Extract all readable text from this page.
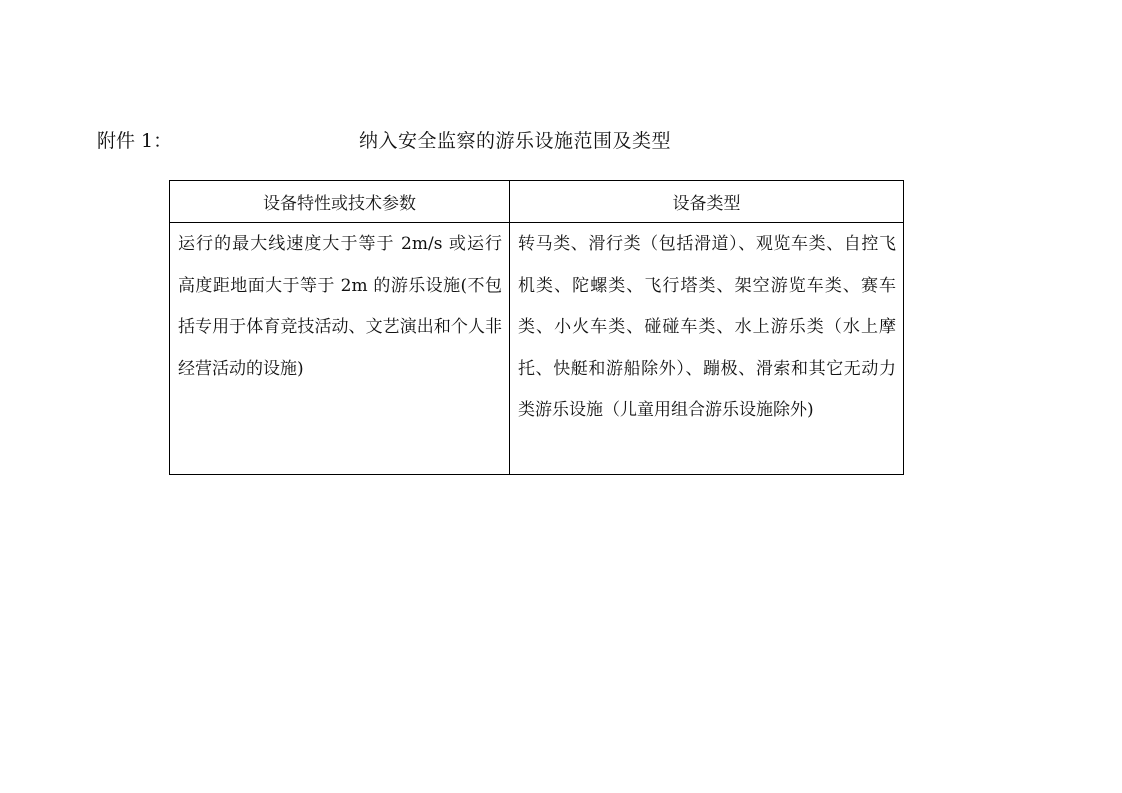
附件 1：	纳入安全监察的游乐设施范围及类型
设备特性或技术参数	设备类型
运行的最大线速度大于等于 2m/s 或运行高度距地面大于等于 2m 的游乐设施(不包括专用于体育竞技活动、文艺演出和个人非经营活动的设施)	转马类、滑行类（包括滑道）、观览车类、自控飞机类、陀螺类、飞行塔类、架空游览车类、赛车类、小火车类、碰碰车类、水上游乐类（水上摩托、快艇和游船除外）、蹦极、滑索和其它无动力类游乐设施（儿童用组合游乐设施除外)
